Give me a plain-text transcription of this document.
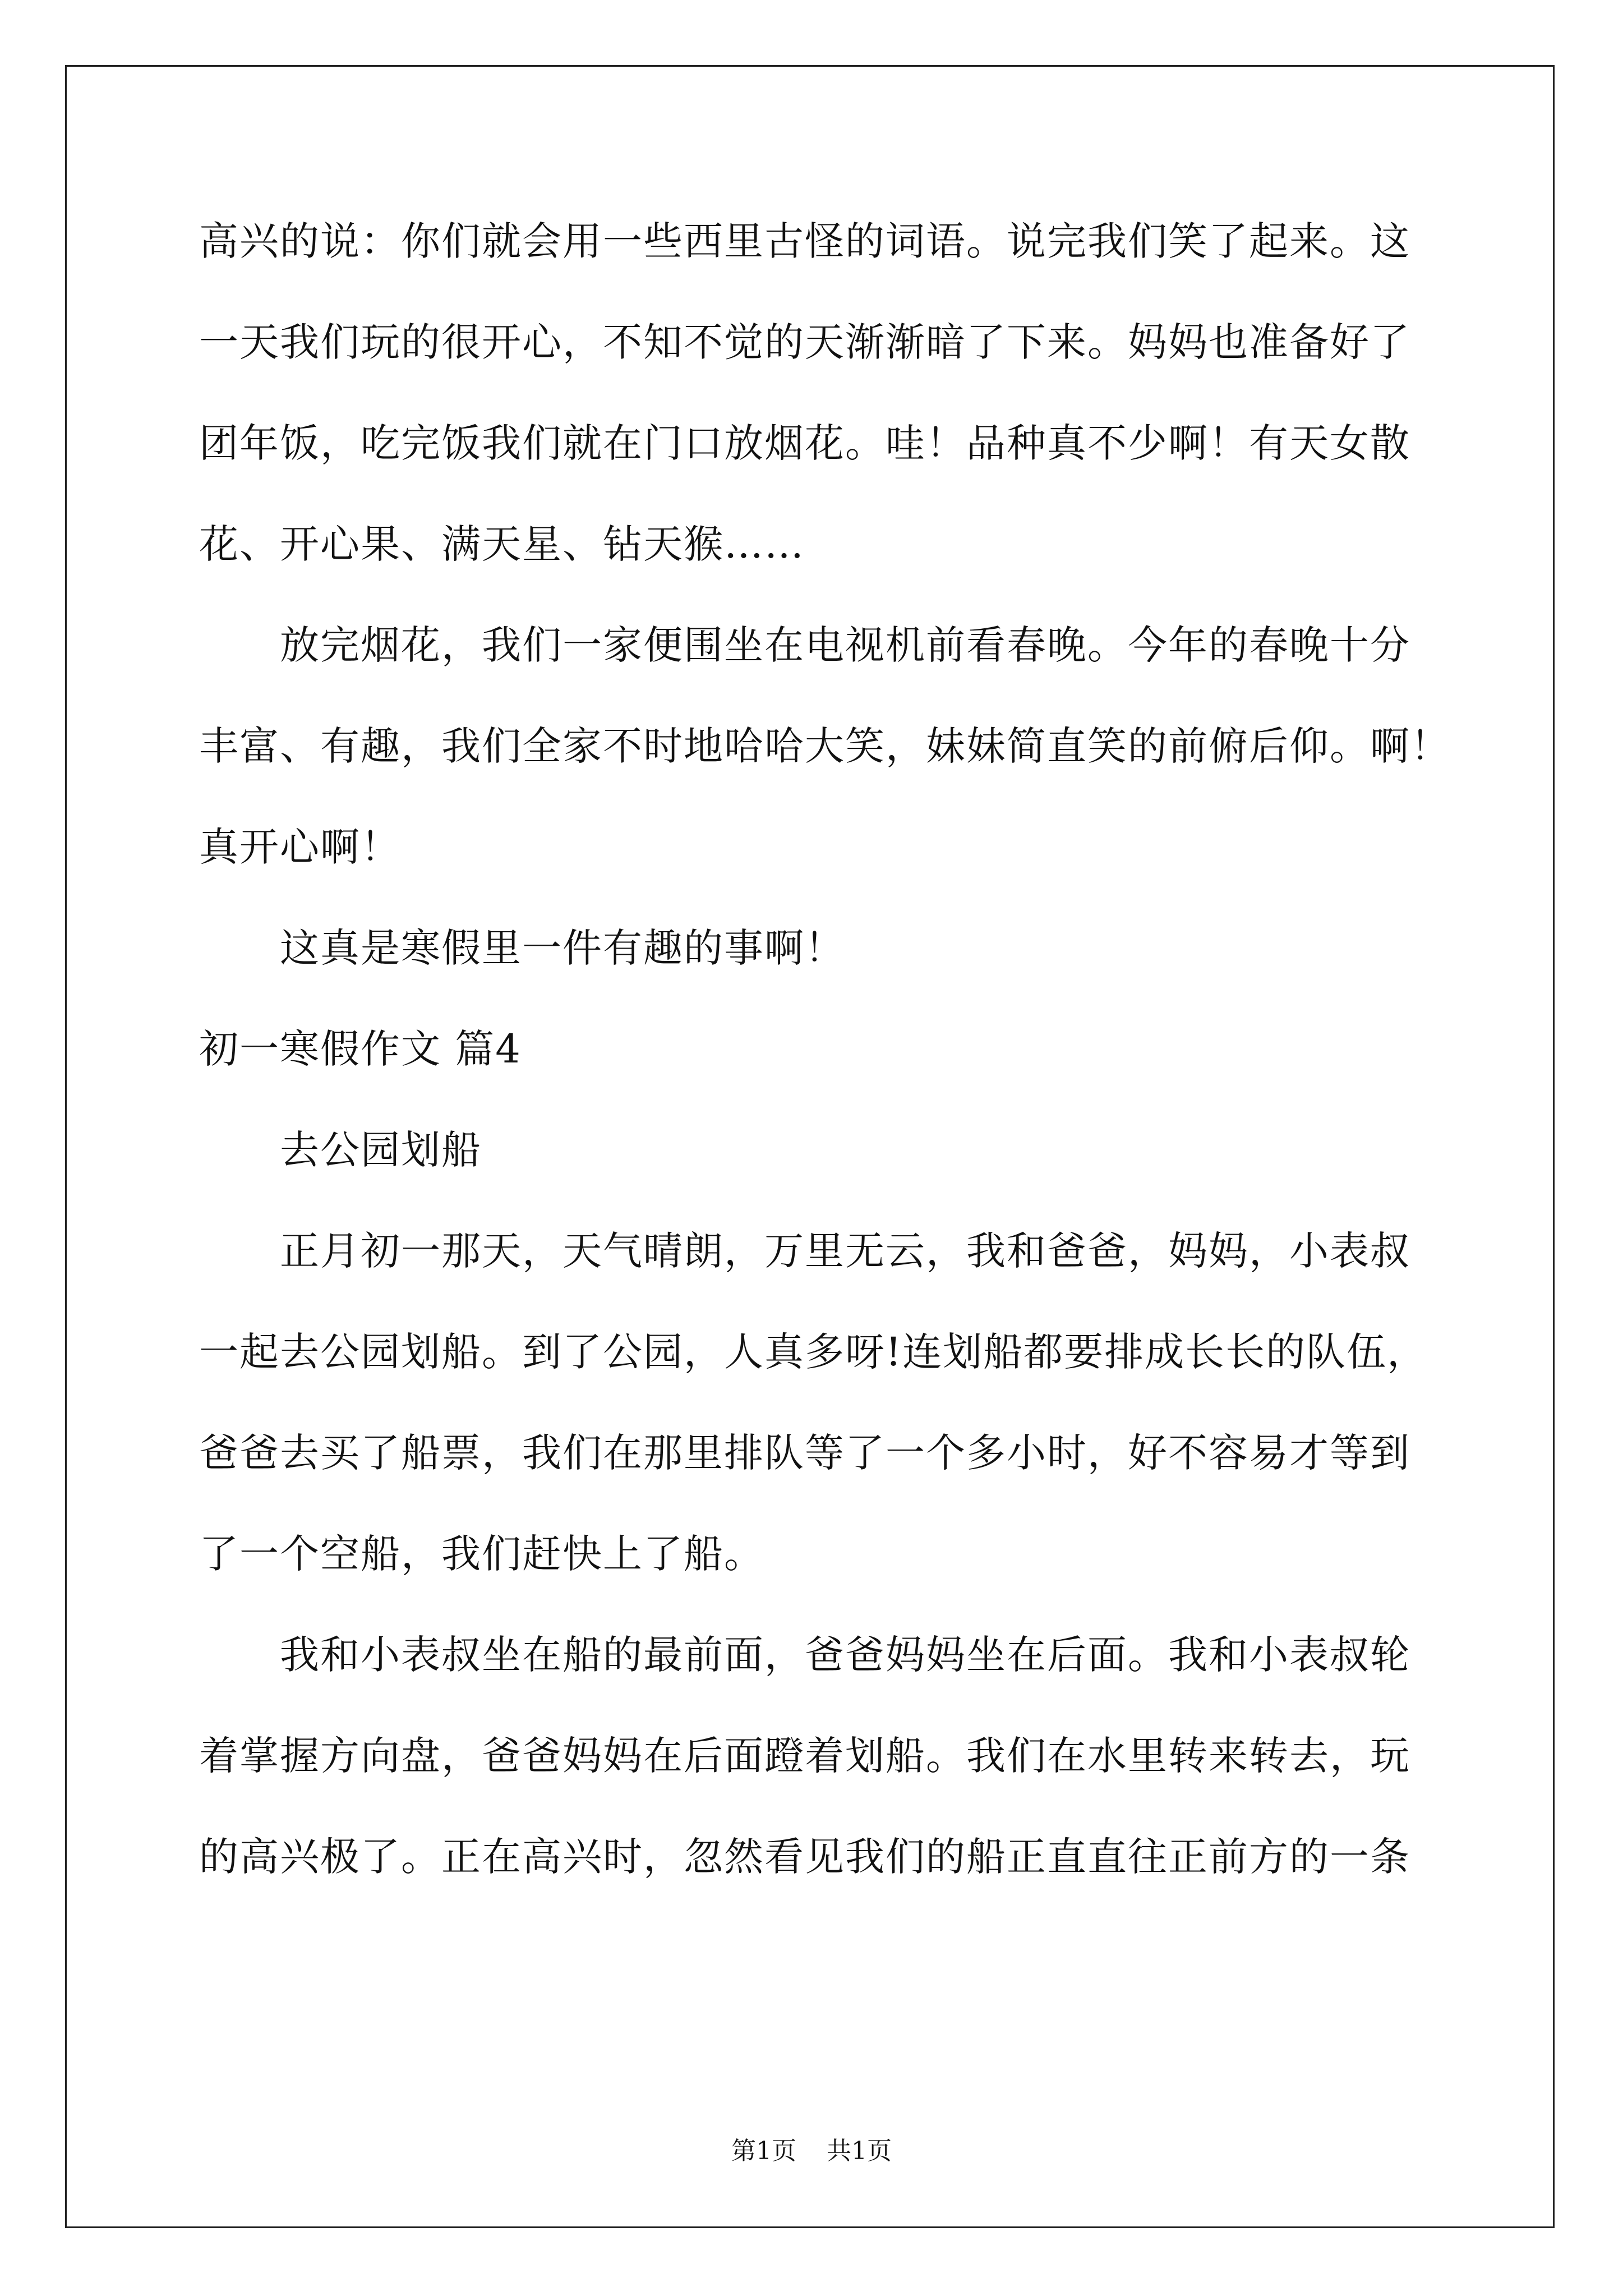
高兴的说：你们就会用一些西里古怪的词语。说完我们笑了起来。这
一天我们玩的很开心，不知不觉的天渐渐暗了下来。妈妈也准备好了
团年饭，吃完饭我们就在门口放烟花。哇！品种真不少啊！有天女散
花、开心果、满天星、钻天猴……
放完烟花，我们一家便围坐在电视机前看春晚。今年的春晚十分
丰富、有趣，我们全家不时地哈哈大笑，妹妹简直笑的前俯后仰。啊！
真开心啊！
这真是寒假里一件有趣的事啊！
初一寒假作文 篇4
去公园划船
正月初一那天，天气晴朗，万里无云，我和爸爸，妈妈，小表叔
一起去公园划船。到了公园，人真多呀!连划船都要排成长长的队伍，
爸爸去买了船票，我们在那里排队等了一个多小时，好不容易才等到
了一个空船，我们赶快上了船。
我和小表叔坐在船的最前面，爸爸妈妈坐在后面。我和小表叔轮
着掌握方向盘，爸爸妈妈在后面蹬着划船。我们在水里转来转去，玩
的高兴极了。正在高兴时，忽然看见我们的船正直直往正前方的一条
第1页 共1页
